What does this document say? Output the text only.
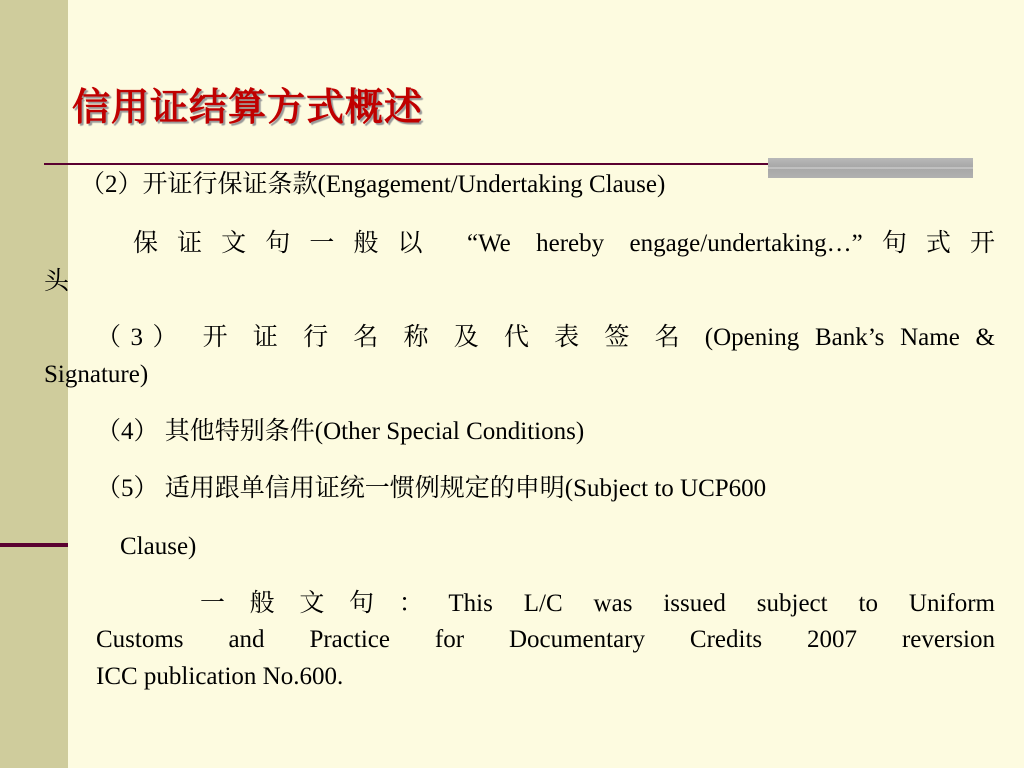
信用证结算方式概述
（2）开证行保证条款(Engagement/Undertaking Clause)
保证文句一般以 “We hereby engage/undertaking…”句式开
头
（3） 开 证 行 名 称 及 代 表 签 名 (Opening Bank’s Name &
Signature)
（4） 其他特别条件(Other Special Conditions)
（5） 适用跟单信用证统一惯例规定的申明(Subject to UCP600
Clause)
一般文句：This L/C was issued subject to Uniform
Customs and Practice for Documentary Credits 2007 reversion
ICC publication No.600.
